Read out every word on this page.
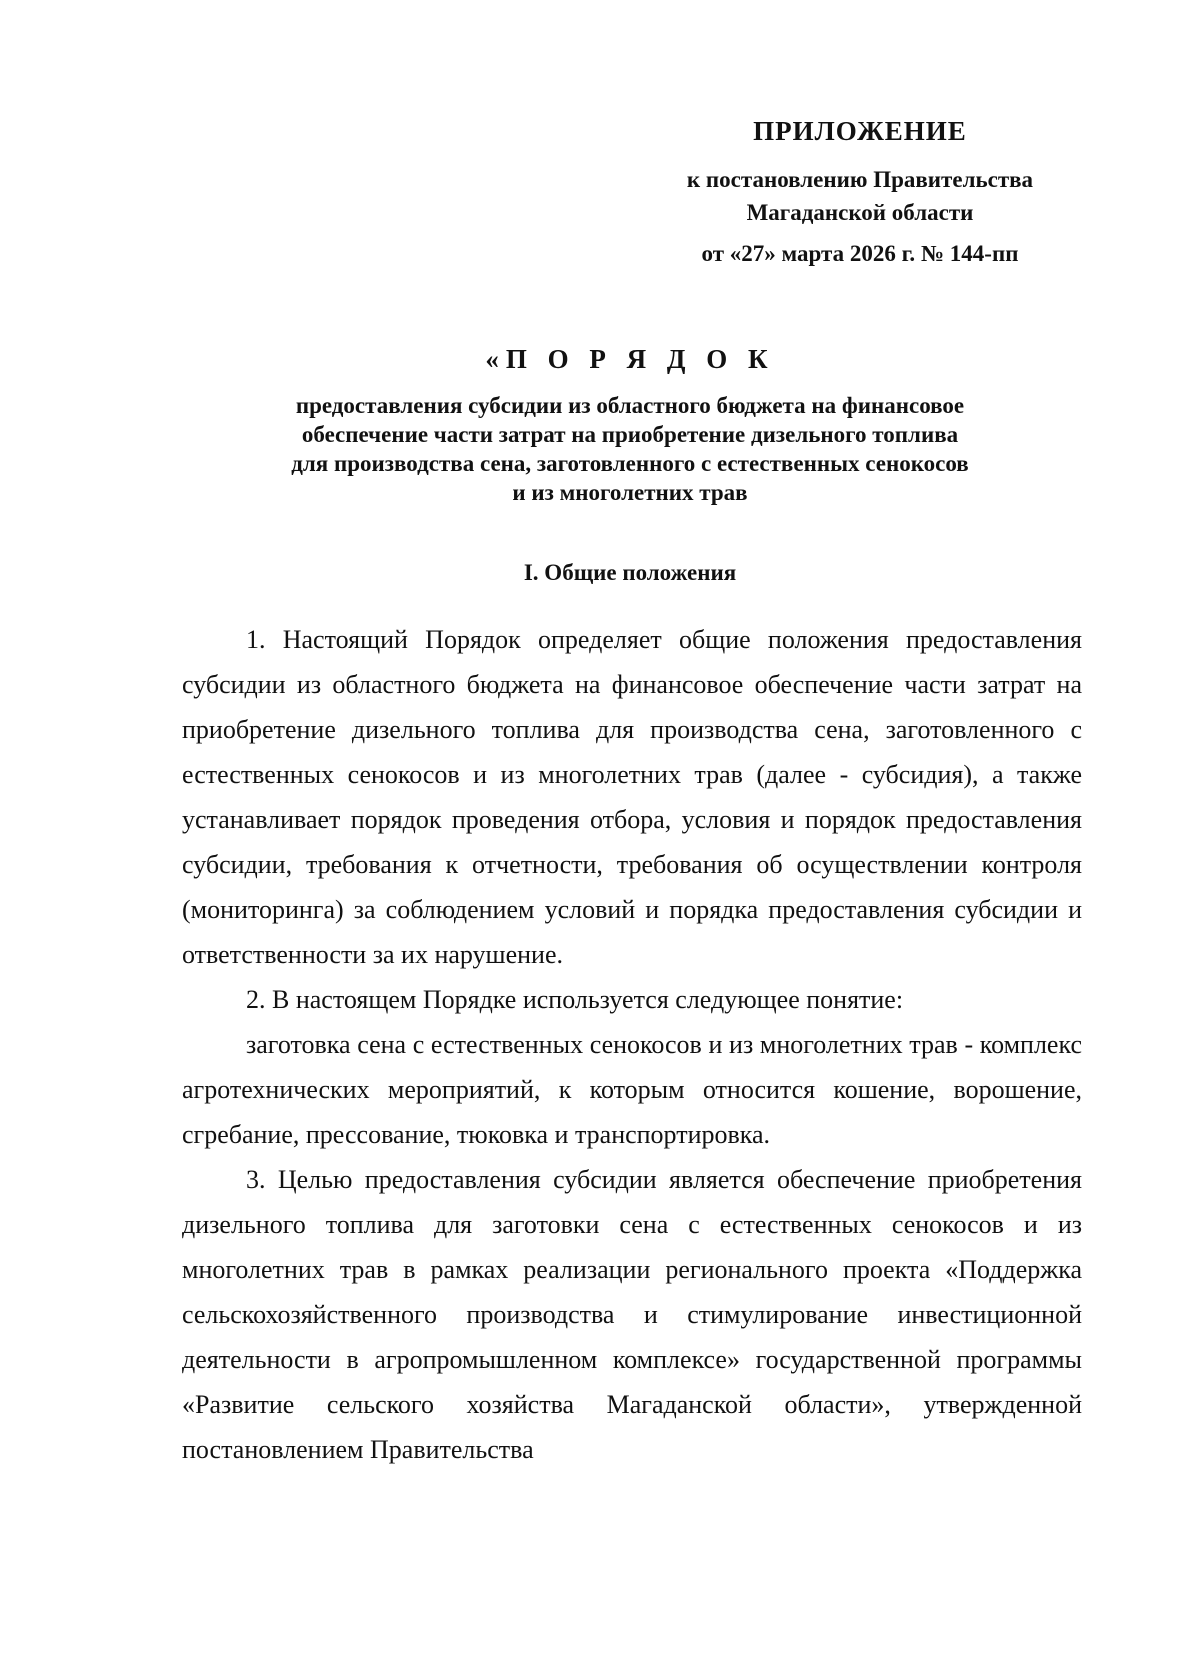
ПРИЛОЖЕНИЕ
к постановлению Правительства
Магаданской области
от «27» марта 2026 г. № 144-пп
«П О Р Я Д О К
предоставления субсидии из областного бюджета на финансовое
обеспечение части затрат на приобретение дизельного топлива
для производства сена, заготовленного с естественных сенокосов
и из многолетних трав
I. Общие положения

1. Настоящий Порядок определяет общие положения предоставления субсидии из областного бюджета на финансовое обеспечение части затрат на приобретение дизельного топлива для производства сена, заготовленного с естественных сенокосов и из многолетних трав (далее - субсидия), а также устанавливает порядок проведения отбора, условия и порядок предоставления субсидии, требования к отчетности, требования об осуществлении контроля (мониторинга) за соблюдением условий и порядка предоставления субсидии и ответственности за их нарушение.

2. В настоящем Порядке используется следующее понятие:

заготовка сена с естественных сенокосов и из многолетних трав - комплекс агротехнических мероприятий, к которым относится кошение, ворошение, сгребание, прессование, тюковка и транспортировка.

3. Целью предоставления субсидии является обеспечение приобретения дизельного топлива для заготовки сена с естественных сенокосов и из многолетних трав в рамках реализации регионального проекта «Поддержка сельскохозяйственного производства и стимулирование инвестиционной деятельности в агропромышленном комплексе» государственной программы «Развитие сельского хозяйства Магаданской области», утвержденной постановлением Правительства
